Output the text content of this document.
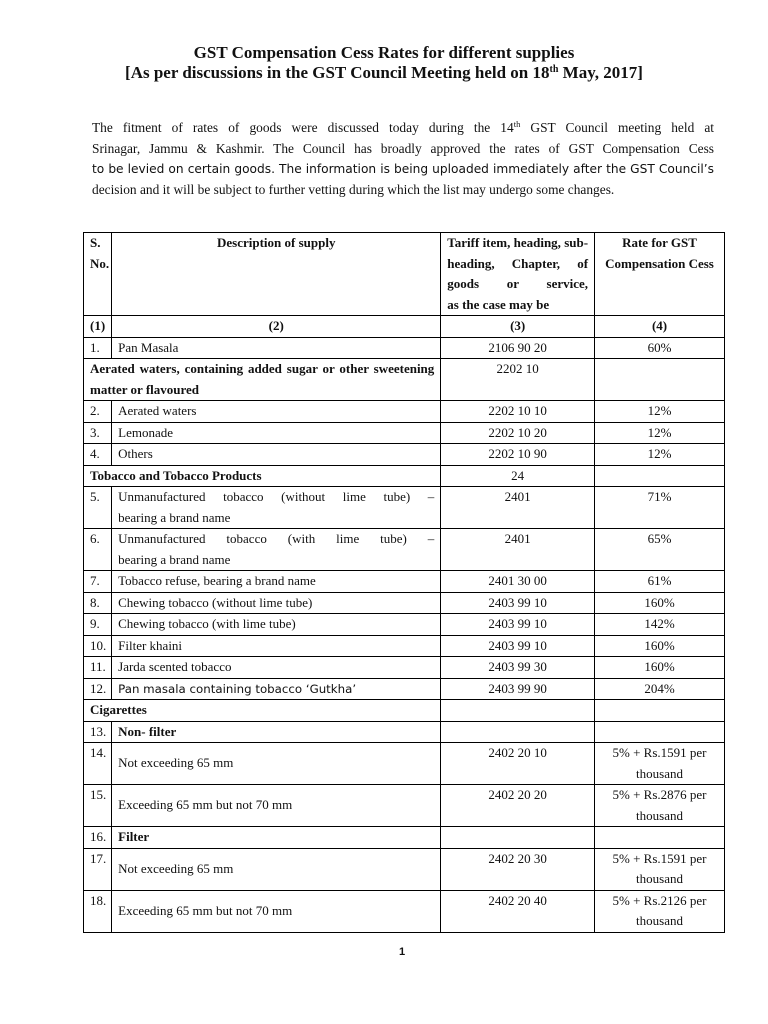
GST Compensation Cess Rates for different supplies
[As per discussions in the GST Council Meeting held on 18th May, 2017]
The fitment of rates of goods were discussed today during the 14th GST Council meeting held at
Srinagar, Jammu & Kashmir. The Council has broadly approved the rates of GST Compensation Cess
to be levied on certain goods. The information is being uploaded immediately after the GST Council’s
decision and it will be subject to further vetting during which the list may undergo some changes.
S. No.	Description of supply	Tariff item, heading, sub-heading, Chapter, of goods or service,
as the case may be	Rate for GST Compensation Cess
(1)	(2)	(3)	(4)
1.	Pan Masala	2106 90 20	60%
Aerated waters, containing added sugar or other sweetening matter or flavoured		2202 10	
2.	Aerated waters	2202 10 10	12%
3.	Lemonade	2202 10 20	12%
4.	Others	2202 10 90	12%
Tobacco and Tobacco Products		24	
5.	Unmanufactured tobacco (without lime tube) –
bearing a brand name	2401	71%
6.	Unmanufactured tobacco (with lime tube) –
bearing a brand name	2401	65%
7.	Tobacco refuse, bearing a brand name	2401 30 00	61%
8.	Chewing tobacco (without lime tube)	2403 99 10	160%
9.	Chewing tobacco (with lime tube)	2403 99 10	142%
10.	Filter khaini	2403 99 10	160%
11.	Jarda scented tobacco	2403 99 30	160%
12.	Pan masala containing tobacco ‘Gutkha’	2403 99 90	204%
Cigarettes			
13.	Non- filter		
14.	Not exceeding 65 mm	2402 20 10	5% + Rs.1591 per thousand
15.	Exceeding 65 mm but not 70 mm	2402 20 20	5% + Rs.2876 per thousand
16.	Filter		
17.	Not exceeding 65 mm	2402 20 30	5% + Rs.1591 per thousand
18.	Exceeding 65 mm but not 70 mm	2402 20 40	5% + Rs.2126 per thousand
1
